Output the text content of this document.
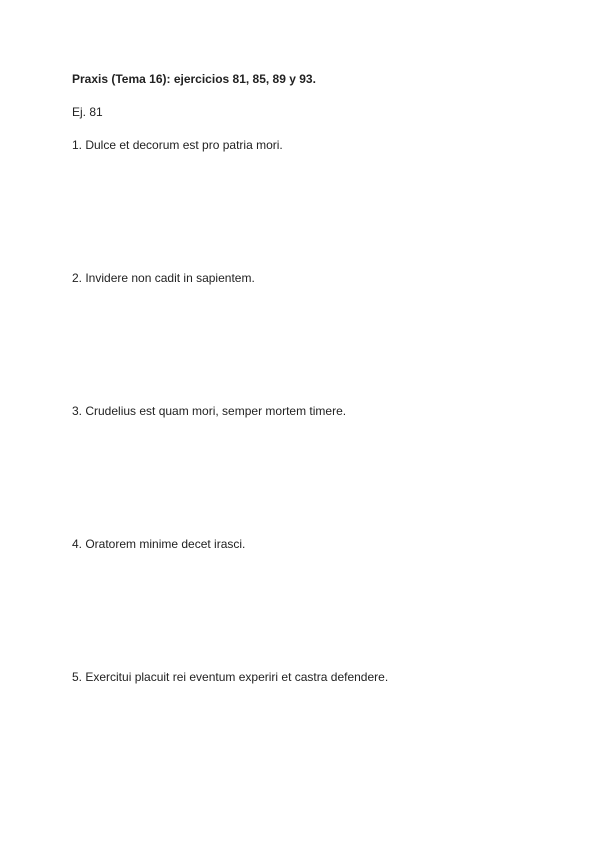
Praxis (Tema 16): ejercicios 81, 85, 89 y 93.
Ej. 81
1. Dulce et decorum est pro patria mori.
2. Invidere non cadit in sapientem.
3. Crudelius est quam mori, semper mortem timere.
4. Oratorem minime decet irasci.
5. Exercitui placuit rei eventum experiri et castra defendere.
